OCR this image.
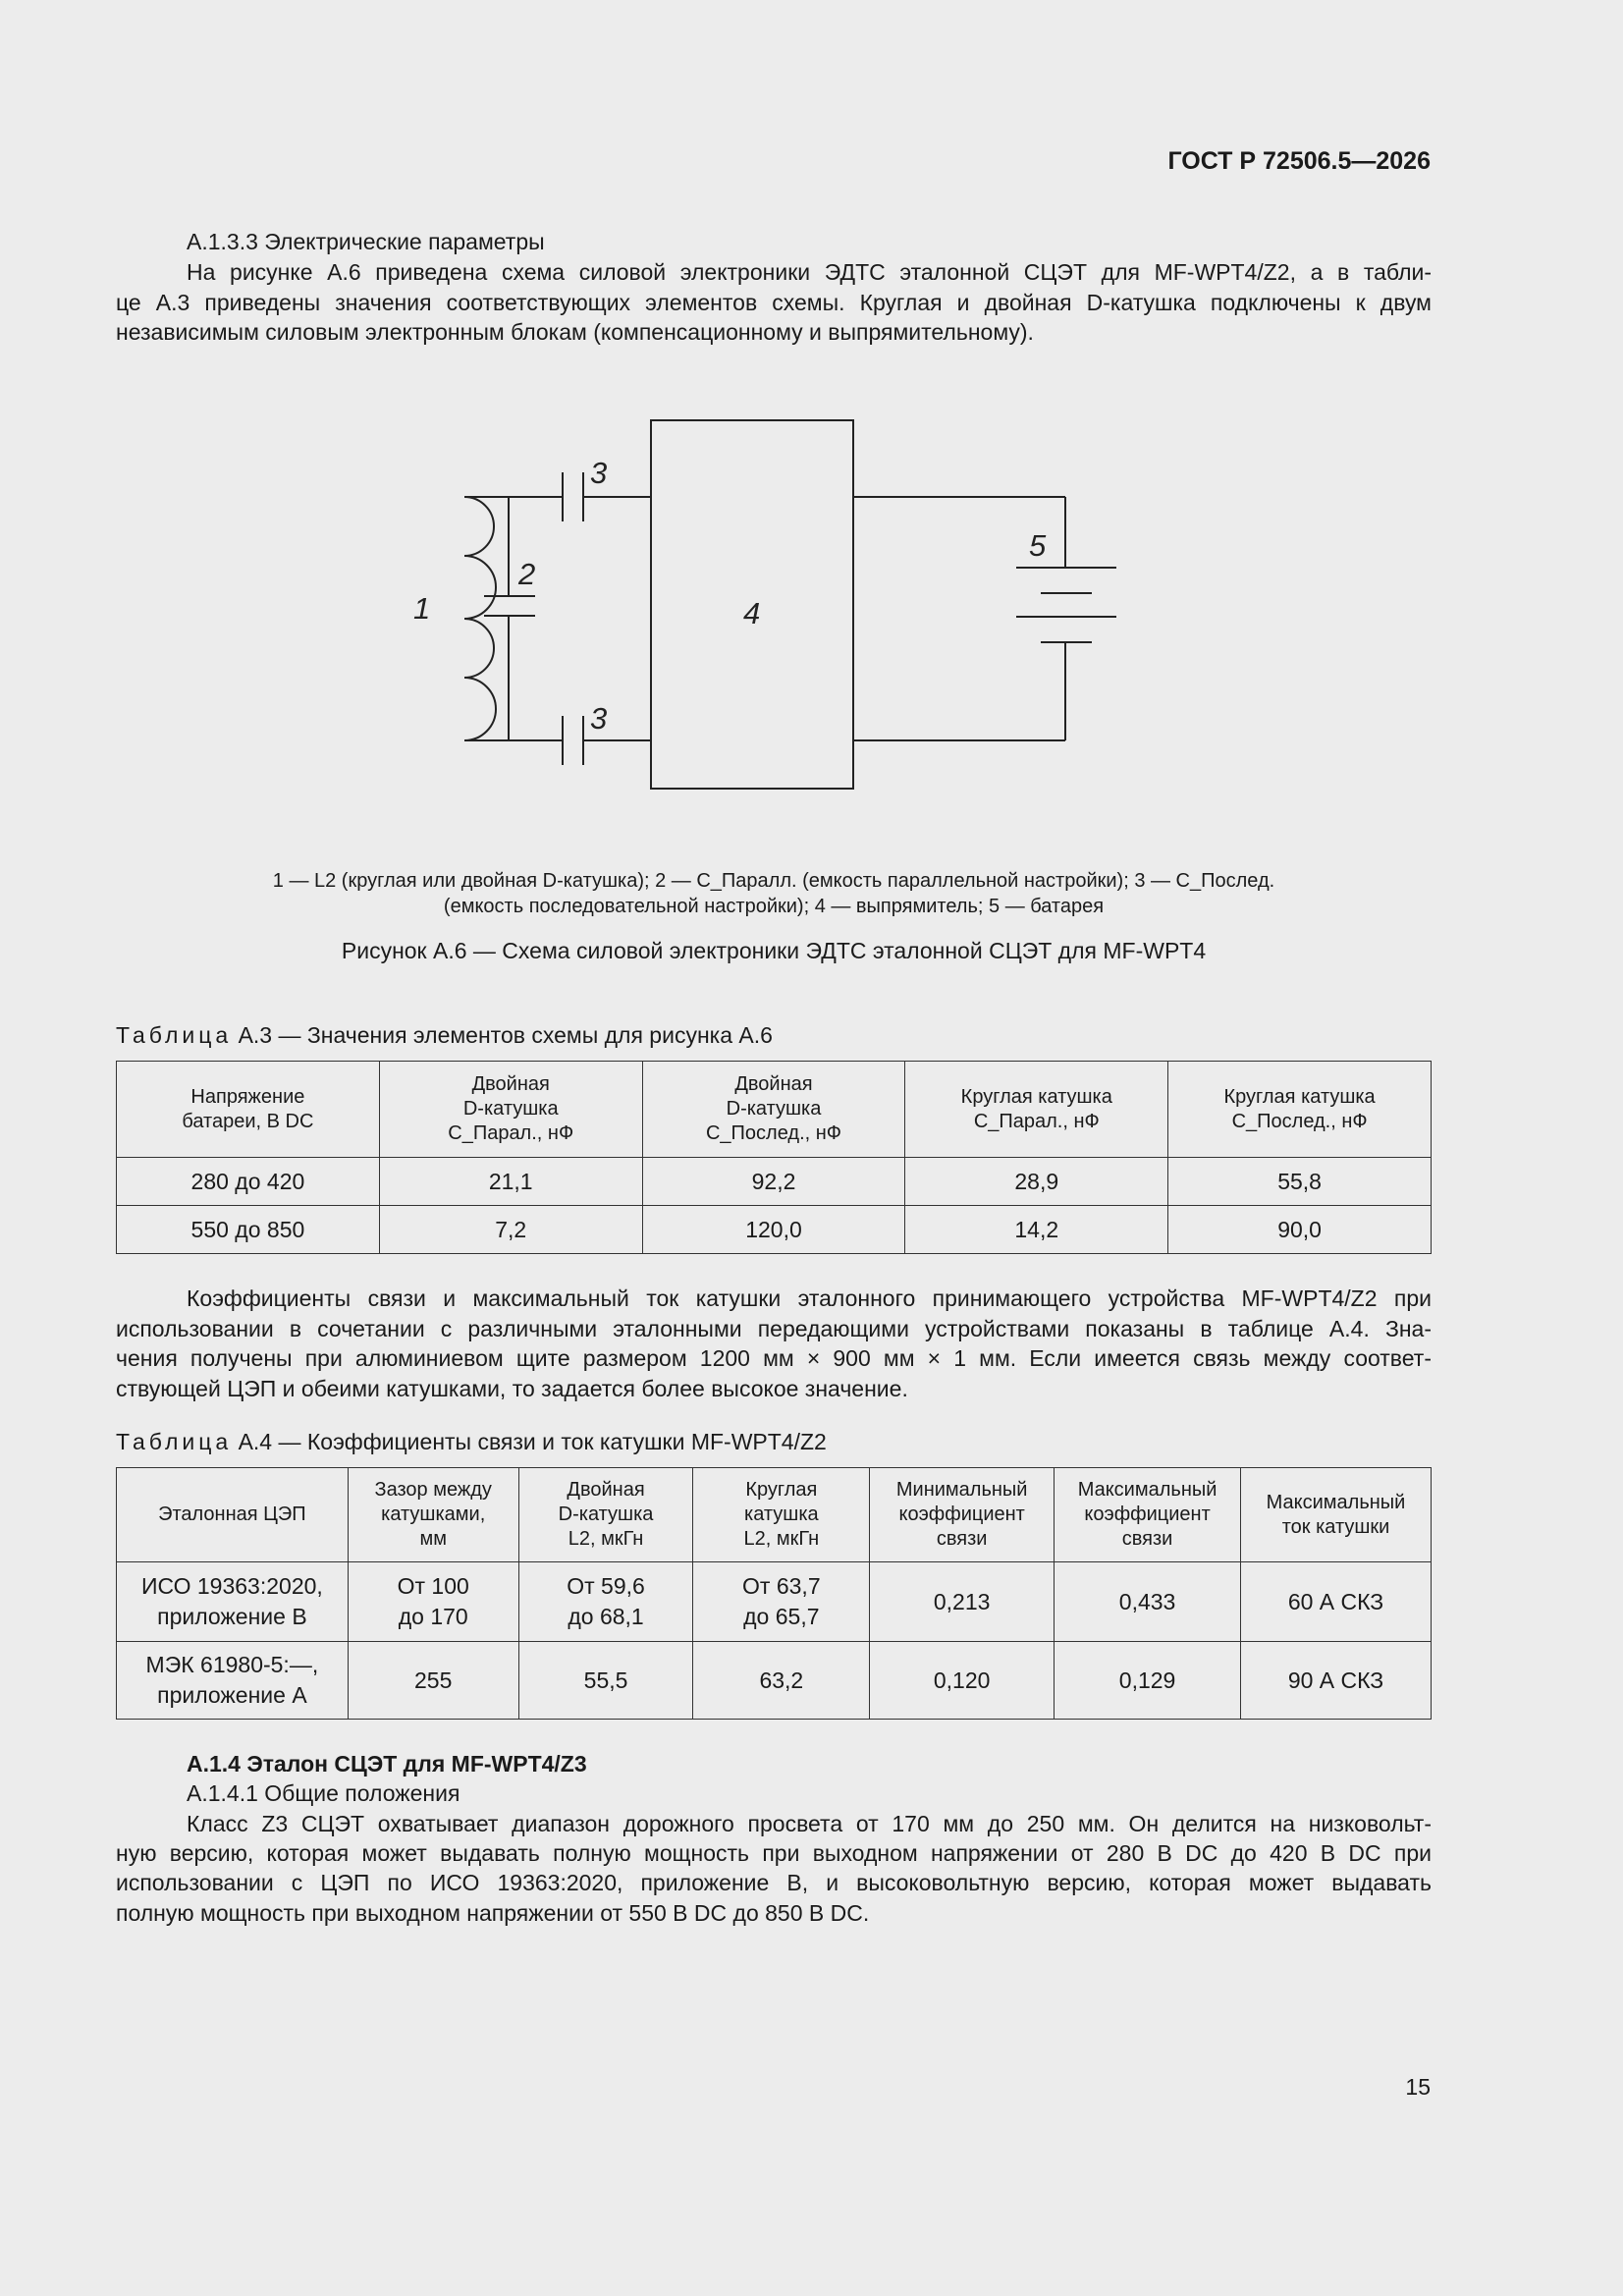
ГОСТ Р 72506.5—2026
А.1.3.3 Электрические параметры
На рисунке А.6 приведена схема силовой электроники ЭДТС эталонной СЦЭТ для MF-WPT4/Z2, а в табли-
це А.3 приведены значения соответствующих элементов схемы. Круглая и двойная D-катушка подключены к двум
независимым силовым электронным блокам (компенсационному и выпрямительному).
1
2
3
3
4
5
1 — L2 (круглая или двойная D-катушка); 2 — С_Паралл. (емкость параллельной настройки); 3 — С_Послед.
(емкость последовательной настройки); 4 — выпрямитель; 5 — батарея
Рисунок А.6 — Схема силовой электроники ЭДТС эталонной СЦЭТ для MF-WPT4
Таблица А.3 — Значения элементов схемы для рисунка А.6
Напряжение
батареи, В DC	Двойная
D-катушка
С_Парал., нФ	Двойная
D-катушка
С_Послед., нФ	Круглая катушка
С_Парал., нФ	Круглая катушка
С_Послед., нФ
280 до 420	21,1	92,2	28,9	55,8
550 до 850	7,2	120,0	14,2	90,0
Коэффициенты связи и максимальный ток катушки эталонного принимающего устройства MF-WPT4/Z2 при
использовании в сочетании с различными эталонными передающими устройствами показаны в таблице А.4. Зна-
чения получены при алюминиевом щите размером 1200 мм × 900 мм × 1 мм. Если имеется связь между соответ-
ствующей ЦЭП и обеими катушками, то задается более высокое значение.
Таблица А.4 — Коэффициенты связи и ток катушки MF-WPT4/Z2
Эталонная ЦЭП	Зазор между
катушками,
мм	Двойная
D-катушка
L2, мкГн	Круглая
катушка
L2, мкГн	Минимальный
коэффициент
связи	Максимальный
коэффициент
связи	Максимальный
ток катушки
ИСО 19363:2020,
приложение В	От 100
до 170	От 59,6
до 68,1	От 63,7
до 65,7	0,213	0,433	60 А СКЗ
МЭК 61980-5:—,
приложение А	255	55,5	63,2	0,120	0,129	90 А СКЗ
А.1.4 Эталон СЦЭТ для MF-WPT4/Z3
А.1.4.1 Общие положения
Класс Z3 СЦЭТ охватывает диапазон дорожного просвета от 170 мм до 250 мм. Он делится на низковольт-
ную версию, которая может выдавать полную мощность при выходном напряжении от 280 В DC до 420 В DC при
использовании с ЦЭП по ИСО 19363:2020, приложение В, и высоковольтную версию, которая может выдавать
полную мощность при выходном напряжении от 550 В DC до 850 В DC.
15
